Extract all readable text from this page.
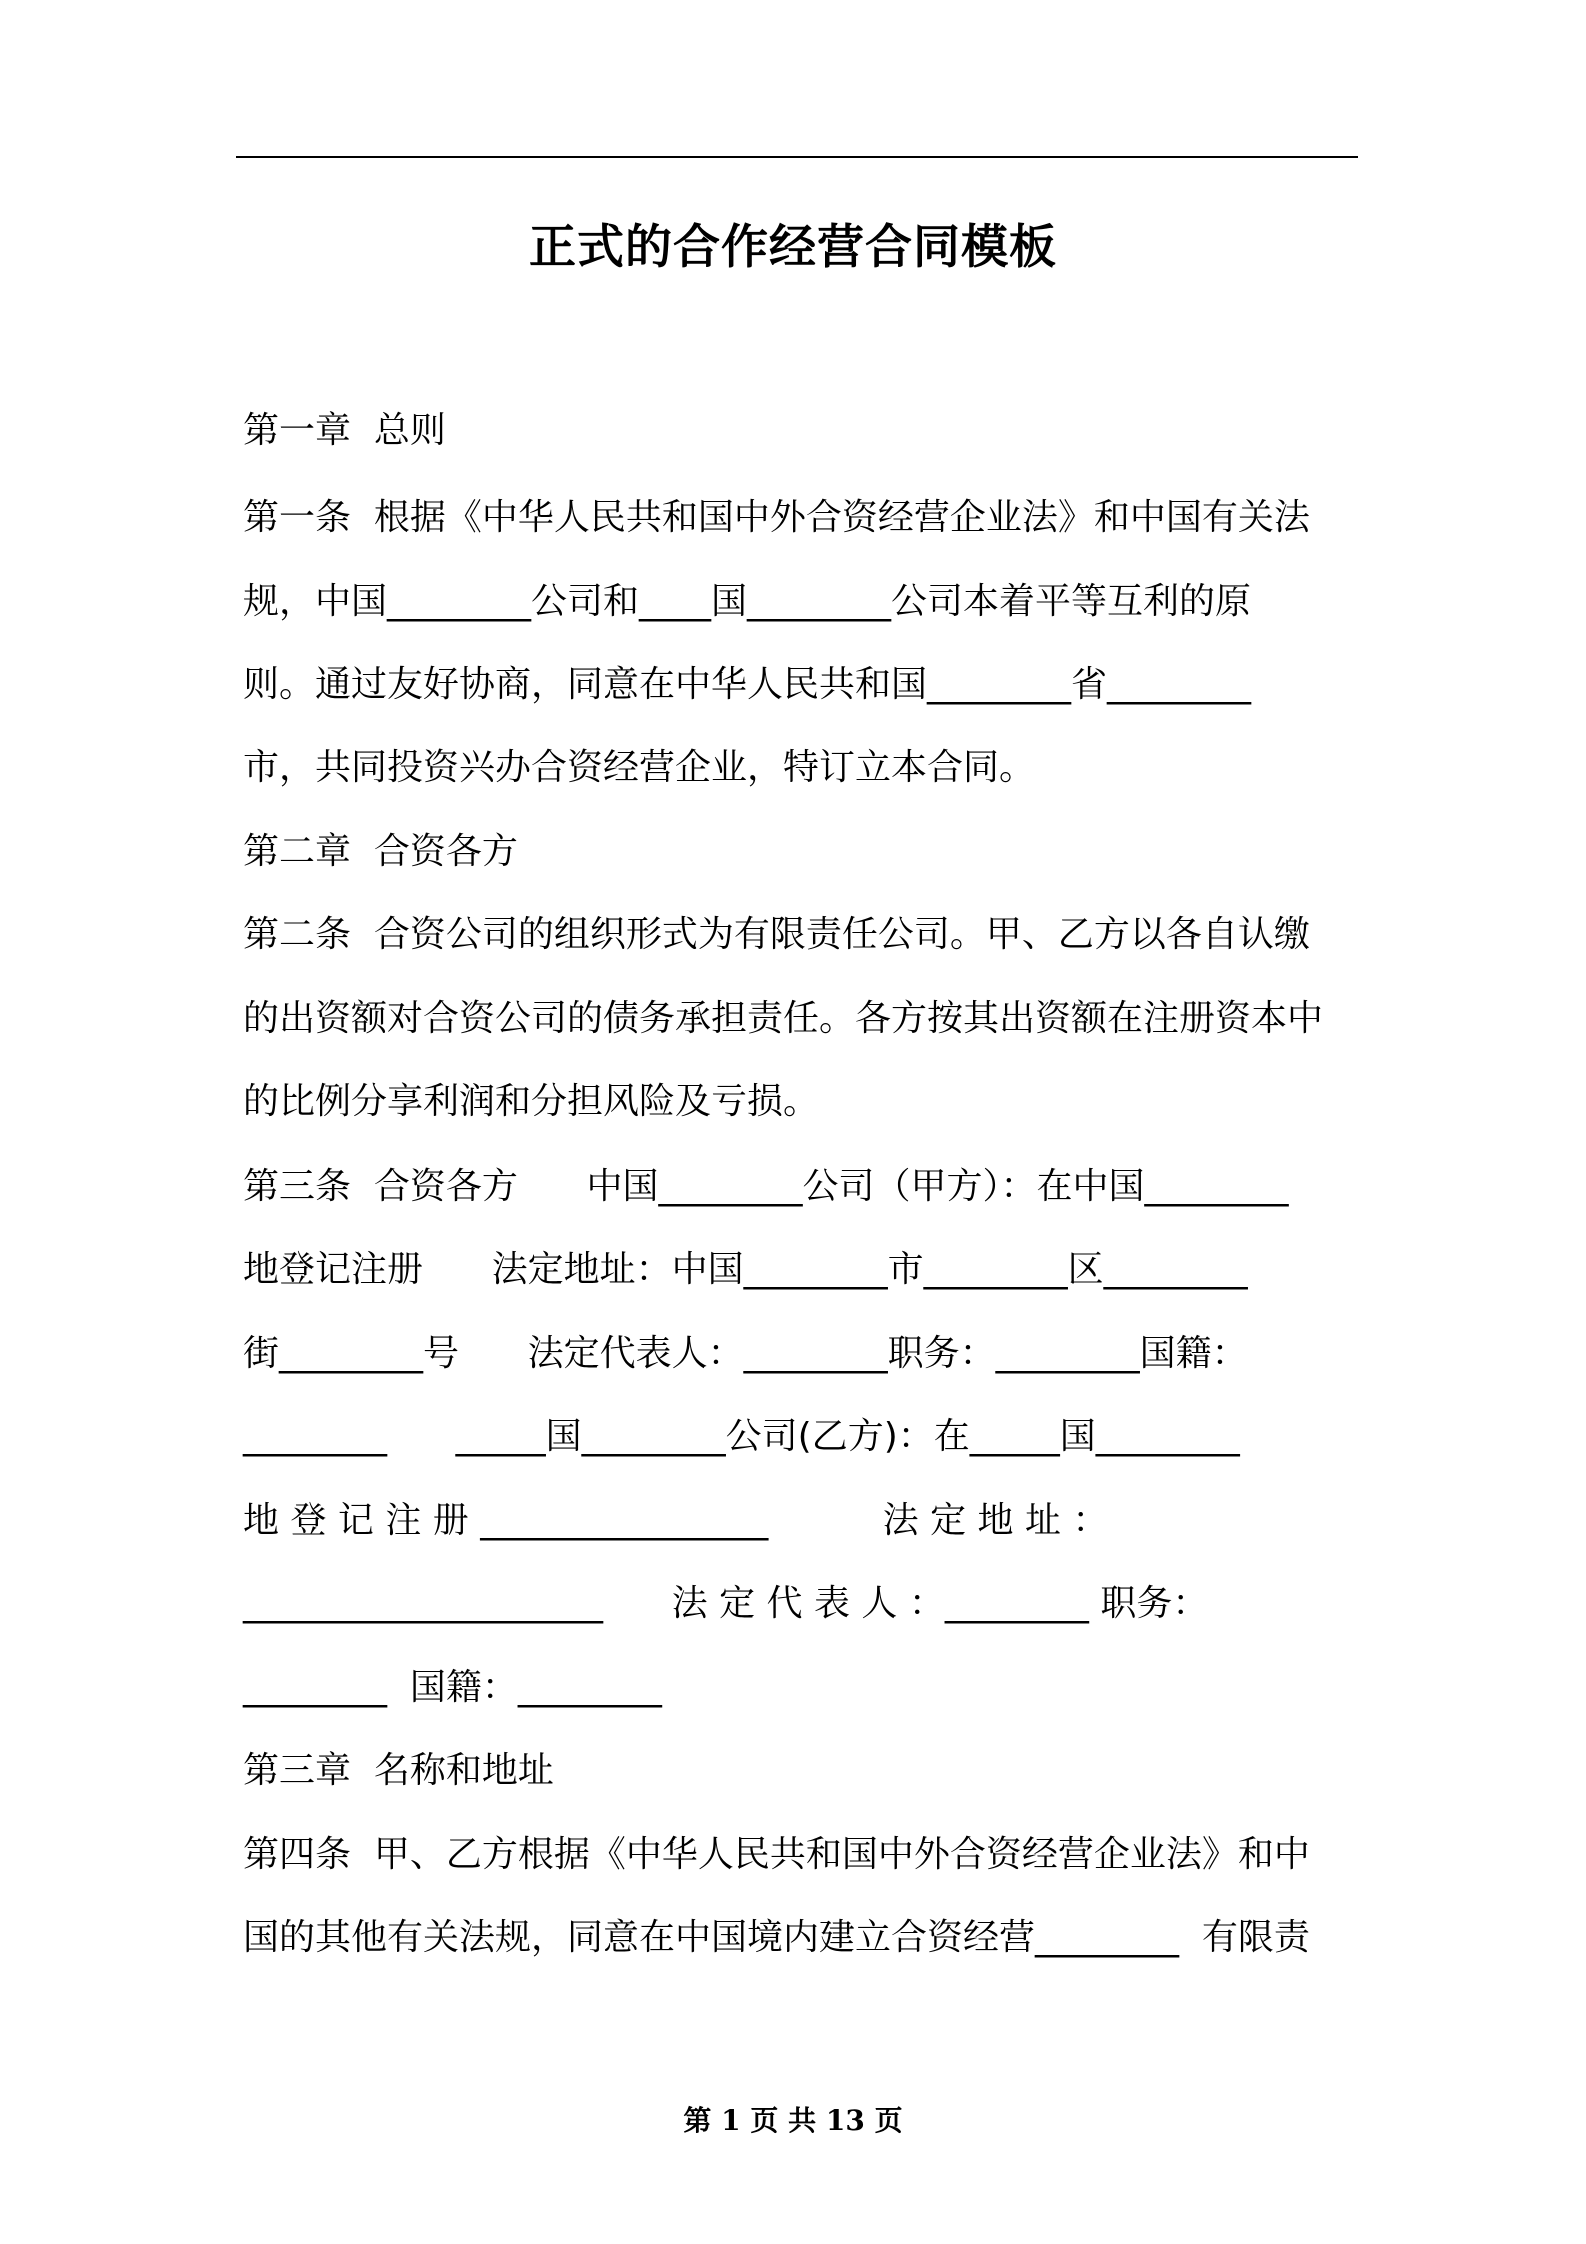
正式的合作经营合同模板
第一章  总则
第一条  根据《中华人民共和国中外合资经营企业法》和中国有关法
规，中国________公司和____国________公司本着平等互利的原
则。通过友好协商，同意在中华人民共和国________省________
市，共同投资兴办合资经营企业，特订立本合同。
第二章  合资各方
第二条  合资公司的组织形式为有限责任公司。甲、乙方以各自认缴
的出资额对合资公司的债务承担责任。各方按其出资额在注册资本中
的比例分享利润和分担风险及亏损。
第三条  合资各方      中国________公司（甲方）：在中国________
地登记注册      法定地址：中国________市________区________
街________号      法定代表人：________职务：________国籍：
________      _____国________公司(乙方)：在_____国________
地 登 记 注 册 ________________          法 定 地 址 ：
____________________      法 定 代 表 人 ：________ 职务：
________  国籍：________
第三章  名称和地址
第四条  甲、乙方根据《中华人民共和国中外合资经营企业法》和中
国的其他有关法规，同意在中国境内建立合资经营________  有限责
第 1 页 共 13 页
